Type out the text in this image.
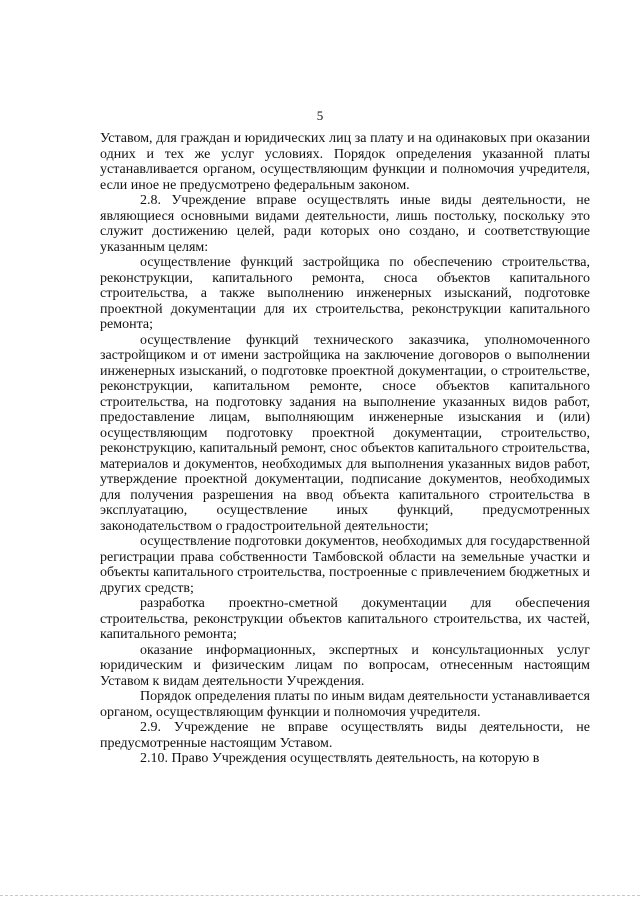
5

Уставом, для граждан и юридических лиц за плату и на одинаковых при оказании одних и тех же услуг условиях. Порядок определения указанной платы устанавливается органом, осуществляющим функции и полномочия учредителя, если иное не предусмотрено федеральным законом.

2.8. Учреждение вправе осуществлять иные виды деятельности, не являющиеся основными видами деятельности, лишь постольку, поскольку это служит достижению целей, ради которых оно создано, и соответствующие указанным целям:

осуществление функций застройщика по обеспечению строительства, реконструкции, капитального ремонта, сноса объектов капитального строительства, а также выполнению инженерных изысканий, подготовке проектной документации для их строительства, реконструкции капитального ремонта;

осуществление функций технического заказчика, уполномоченного застройщиком и от имени застройщика на заключение договоров о выполнении инженерных изысканий, о подготовке проектной документации, о строительстве, реконструкции, капитальном ремонте, сносе объектов капитального строительства, на подготовку задания на выполнение указанных видов работ, предоставление лицам, выполняющим инженерные изыскания и (или) осуществляющим подготовку проектной документации, строительство, реконструкцию, капитальный ремонт, снос объектов капитального строительства, материалов и документов, необходимых для выполнения указанных видов работ, утверждение проектной документации, подписание документов, необходимых для получения разрешения на ввод объекта капитального строительства в эксплуатацию, осуществление иных функций, предусмотренных законодательством о градостроительной деятельности;

осуществление подготовки документов, необходимых для государственной регистрации права собственности Тамбовской области на земельные участки и объекты капитального строительства, построенные с привлечением бюджетных и других средств;

разработка проектно-сметной документации для обеспечения строительства, реконструкции объектов капитального строительства, их частей, капитального ремонта;

оказание информационных, экспертных и консультационных услуг юридическим и физическим лицам по вопросам, отнесенным настоящим Уставом к видам деятельности Учреждения.

Порядок определения платы по иным видам деятельности устанавливается органом, осуществляющим функции и полномочия учредителя.

2.9. Учреждение не вправе осуществлять виды деятельности, не предусмотренные настоящим Уставом.

2.10. Право Учреждения осуществлять деятельность, на которую в
